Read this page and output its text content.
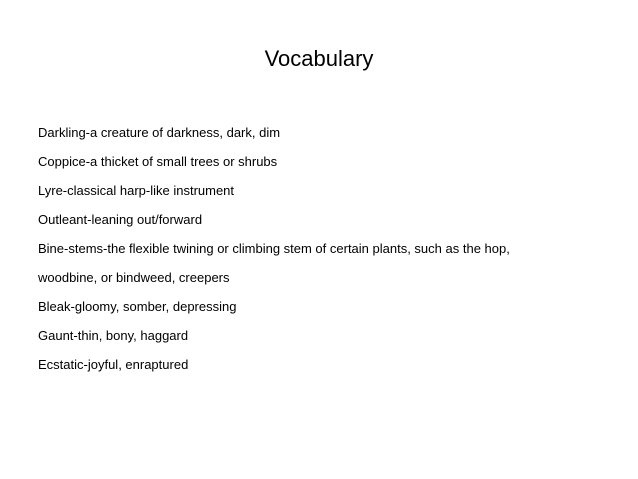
Vocabulary
Darkling-a creature of darkness, dark, dim
Coppice-a thicket of small trees or shrubs
Lyre-classical harp-like instrument
Outleant-leaning out/forward
Bine-stems-the flexible twining or climbing stem of certain plants, such as the hop,
woodbine, or bindweed, creepers
Bleak-gloomy, somber, depressing
Gaunt-thin, bony, haggard
Ecstatic-joyful, enraptured
